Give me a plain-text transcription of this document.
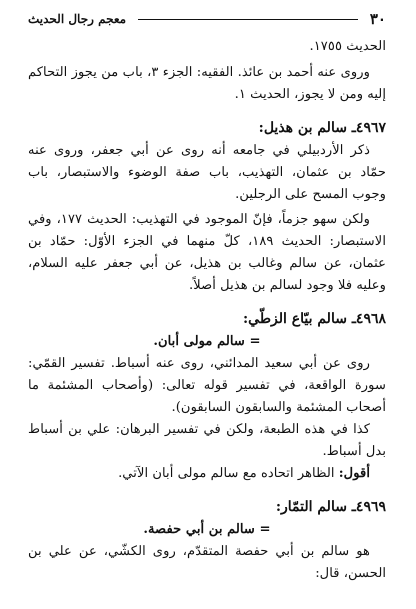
٣٠
معجم رجال الحديث

الحديث ١٧٥٥.

وروى عنه أحمد بن عائذ. الفقيه: الجزء ٣، باب من يجوز التحاكم إليه ومن لا يجوز، الحديث ١.

٤٩٦٧ـ سالم بن هذيل:

ذكر الأردبيلي في جامعه أنه روى عن أبي جعفر، وروى عنه حمّاد بن عثمان، التهذيب، باب صفة الوضوء والاستبصار، باب وجوب المسح على الرجلين.

ولكن سهو جزماً، فإنّ الموجود في التهذيب: الحديث ١٧٧، وفي الاستبصار: الحديث ١٨٩، كلّ منهما في الجزء الأوّل: حمّاد بن عثمان، عن سالم وغالب بن هذيل، عن أبي جعفر عليه السلام، وعليه فلا وجود لسالم بن هذيل أصلاً.

٤٩٦٨ـ سالم بيّاع الزطّي:
= سالم مولى أبان.

روى عن أبي سعيد المدائني، روى عنه أسباط. تفسير القمّي: سورة الواقعة، في تفسير قوله تعالى: (وأصحاب المشئمة ما أصحاب المشئمة والسابقون السابقون).

كذا في هذه الطبعة، ولكن في تفسير البرهان: علي بن أسباط بدل أسباط.

أقول: الظاهر اتحاده مع سالم مولى أبان الآتي.

٤٩٦٩ـ سالم التمّار:
= سالم بن أبي حفصة.

هو سالم بن أبي حفصة المتقدّم، روى الكشّي، عن علي بن الحسن، قال:
